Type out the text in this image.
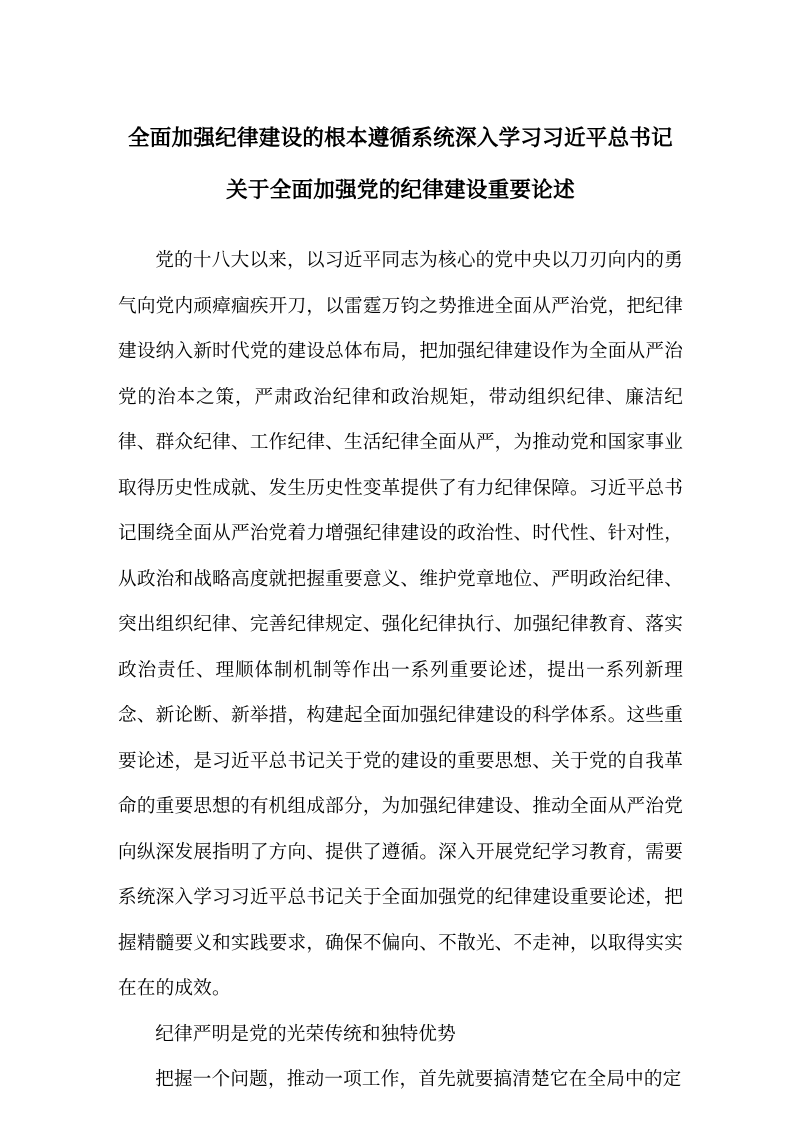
全面加强纪律建设的根本遵循系统深入学习习近平总书记
关于全面加强党的纪律建设重要论述

党的十八大以来，以习近平同志为核心的党中央以刀刃向内的勇气向党内顽瘴痼疾开刀，以雷霆万钧之势推进全面从严治党，把纪律建设纳入新时代党的建设总体布局，把加强纪律建设作为全面从严治党的治本之策，严肃政治纪律和政治规矩，带动组织纪律、廉洁纪律、群众纪律、工作纪律、生活纪律全面从严，为推动党和国家事业取得历史性成就、发生历史性变革提供了有力纪律保障。习近平总书记围绕全面从严治党着力增强纪律建设的政治性、时代性、针对性，从政治和战略高度就把握重要意义、维护党章地位、严明政治纪律、突出组织纪律、完善纪律规定、强化纪律执行、加强纪律教育、落实政治责任、理顺体制机制等作出一系列重要论述，提出一系列新理念、新论断、新举措，构建起全面加强纪律建设的科学体系。这些重要论述，是习近平总书记关于党的建设的重要思想、关于党的自我革命的重要思想的有机组成部分，为加强纪律建设、推动全面从严治党向纵深发展指明了方向、提供了遵循。深入开展党纪学习教育，需要系统深入学习习近平总书记关于全面加强党的纪律建设重要论述，把握精髓要义和实践要求，确保不偏向、不散光、不走神，以取得实实在在的成效。

纪律严明是党的光荣传统和独特优势

把握一个问题，推动一项工作，首先就要搞清楚它在全局中的定
